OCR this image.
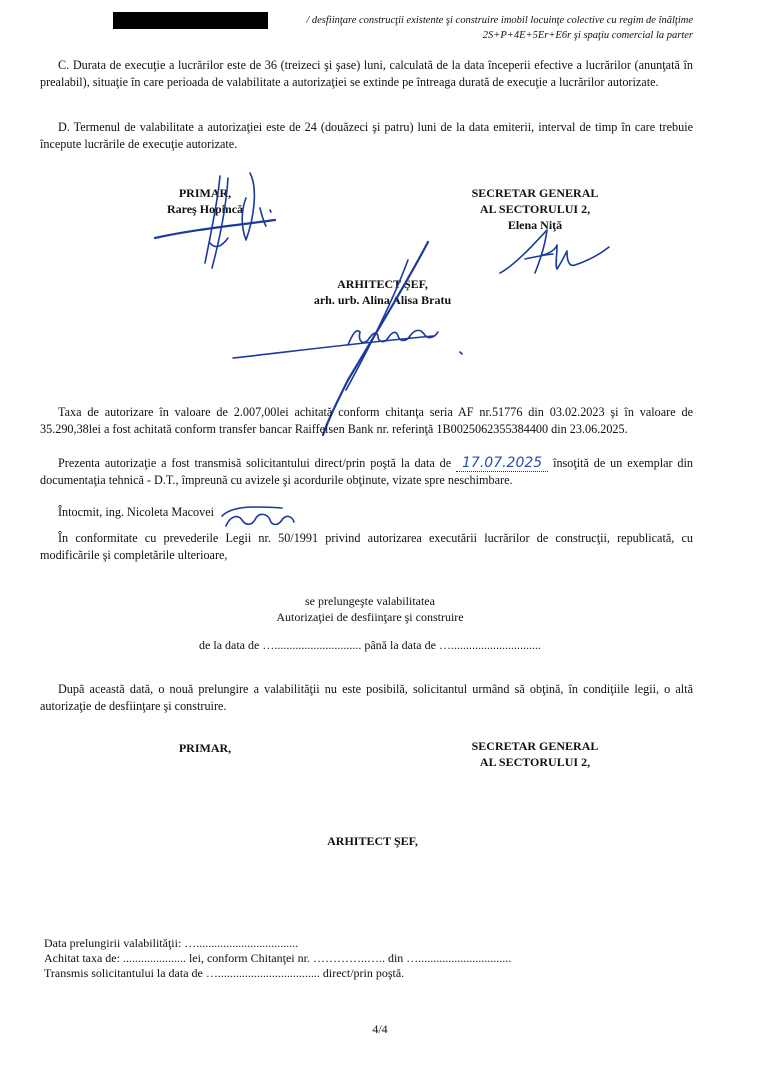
/ desfiinţare construcţii existente şi construire imobil locuinţe colective cu regim de înălţime
2S+P+4E+5Er+E6r şi spaţiu comercial la parter
C. Durata de execuţie a lucrărilor este de 36 (treizeci şi şase) luni, calculată de la data începerii efective a lucrărilor (anunţată în prealabil), situaţie în care perioada de valabilitate a autorizaţiei se extinde pe întreaga durată de execuţie a lucrărilor autorizate.
D. Termenul de valabilitate a autorizaţiei este de 24 (douăzeci şi patru) luni de la data emiterii, interval de timp în care trebuie începute lucrările de execuţie autorizate.
PRIMAR,
Rareş Hopincă
SECRETAR GENERAL
AL SECTORULUI 2,
Elena Niţă
ARHITECT ŞEF,
arh. urb. Alina Alisa Bratu
Taxa de autorizare în valoare de 2.007,00lei achitată conform chitanţa seria AF nr.51776 din 03.02.2023 şi în valoare de 35.290,38lei a fost achitată conform transfer bancar Raiffeisen Bank nr. referinţă 1B0025062355384400 din 23.06.2025.
Prezenta autorizaţie a fost transmisă solicitantului direct/prin poştă la data de 17.07.2025 însoţită de un exemplar din documentaţia tehnică - D.T., împreună cu avizele şi acordurile obţinute, vizate spre neschimbare.
Întocmit, ing. Nicoleta Macovei
În conformitate cu prevederile Legii nr. 50/1991 privind autorizarea executării lucrărilor de construcţii, republicată, cu modificările şi completările ulterioare,
se prelungeşte valabilitatea
Autorizaţiei de desfiinţare şi construire
de la data de …............................. până la data de …..............................
După această dată, o nouă prelungire a valabilităţii nu este posibilă, solicitantul urmând să obţină, în condiţiile legii, o altă autorizaţie de desfiinţare şi construire.
PRIMAR,	SECRETAR GENERAL
AL SECTORULUI 2,
ARHITECT ŞEF,
Data prelungirii valabilităţii: …..................................
Achitat taxa de: ..................... lei, conform Chitanţei nr. …………..….. din …...............................
Transmis solicitantului la data de ….................................. direct/prin poştă.
4/4
